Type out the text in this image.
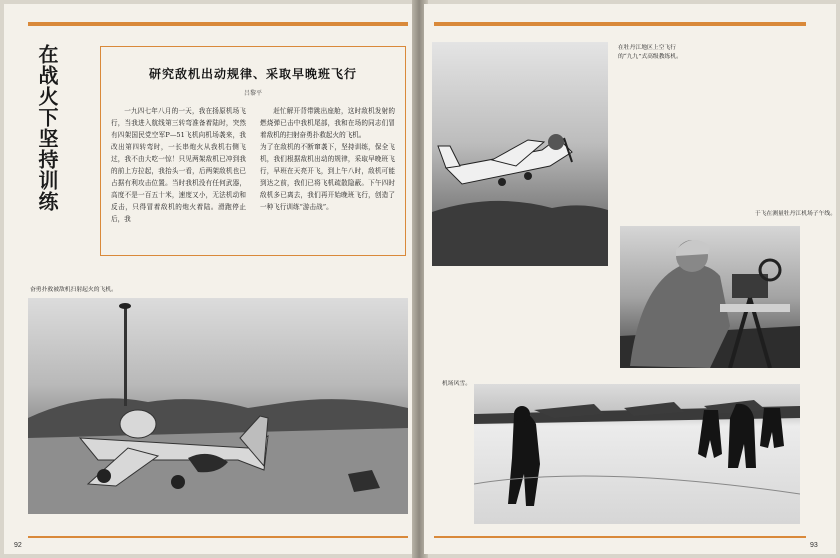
在战火下坚持训练	研究敌机出动规律、采取早晚班飞行
吕黎平

一九四七年八月的一天，我在扬原机场飞行，当我进入航线第三转弯准备着陆时，突然有四架国民党空军P—51飞机向机场袭来，我改出第四转弯时，一长串炮火从我机右侧飞过，我不由大吃一惊！只见两架敌机已冲到我的前上方拉起，我抬头一看，后两架敌机也已占据有利攻击位置。当时我机没有任何武器，高度不是一百五十米，速度又小，无法机动和反击，只得冒着敌机的炮火着陆。滑跑停止后，我

赶忙解开背带跳出座舱，这时敌机发射的燃烧弹已击中我机尾部，我和在场的同志们冒着敌机的扫射奋勇扑救起火的飞机。
为了在敌机的不断窜袭下，坚持训练，保全飞机，我们根据敌机出动的规律，采取早晚班飞行，早班在天亮开飞，到上午八时，敌机可能到达之前，我们已将飞机疏散隐蔽。下午四时敌机多已离去，我们再开始晚班飞行，创造了一种飞行训练“游击战”。

奋勇扑救被敌机扫射起火的飞机。
92
在牡丹江地区上空飞行的“九九”式高级教练机。
于飞在测量牡丹江机场子午线。
机场风雪。
93
